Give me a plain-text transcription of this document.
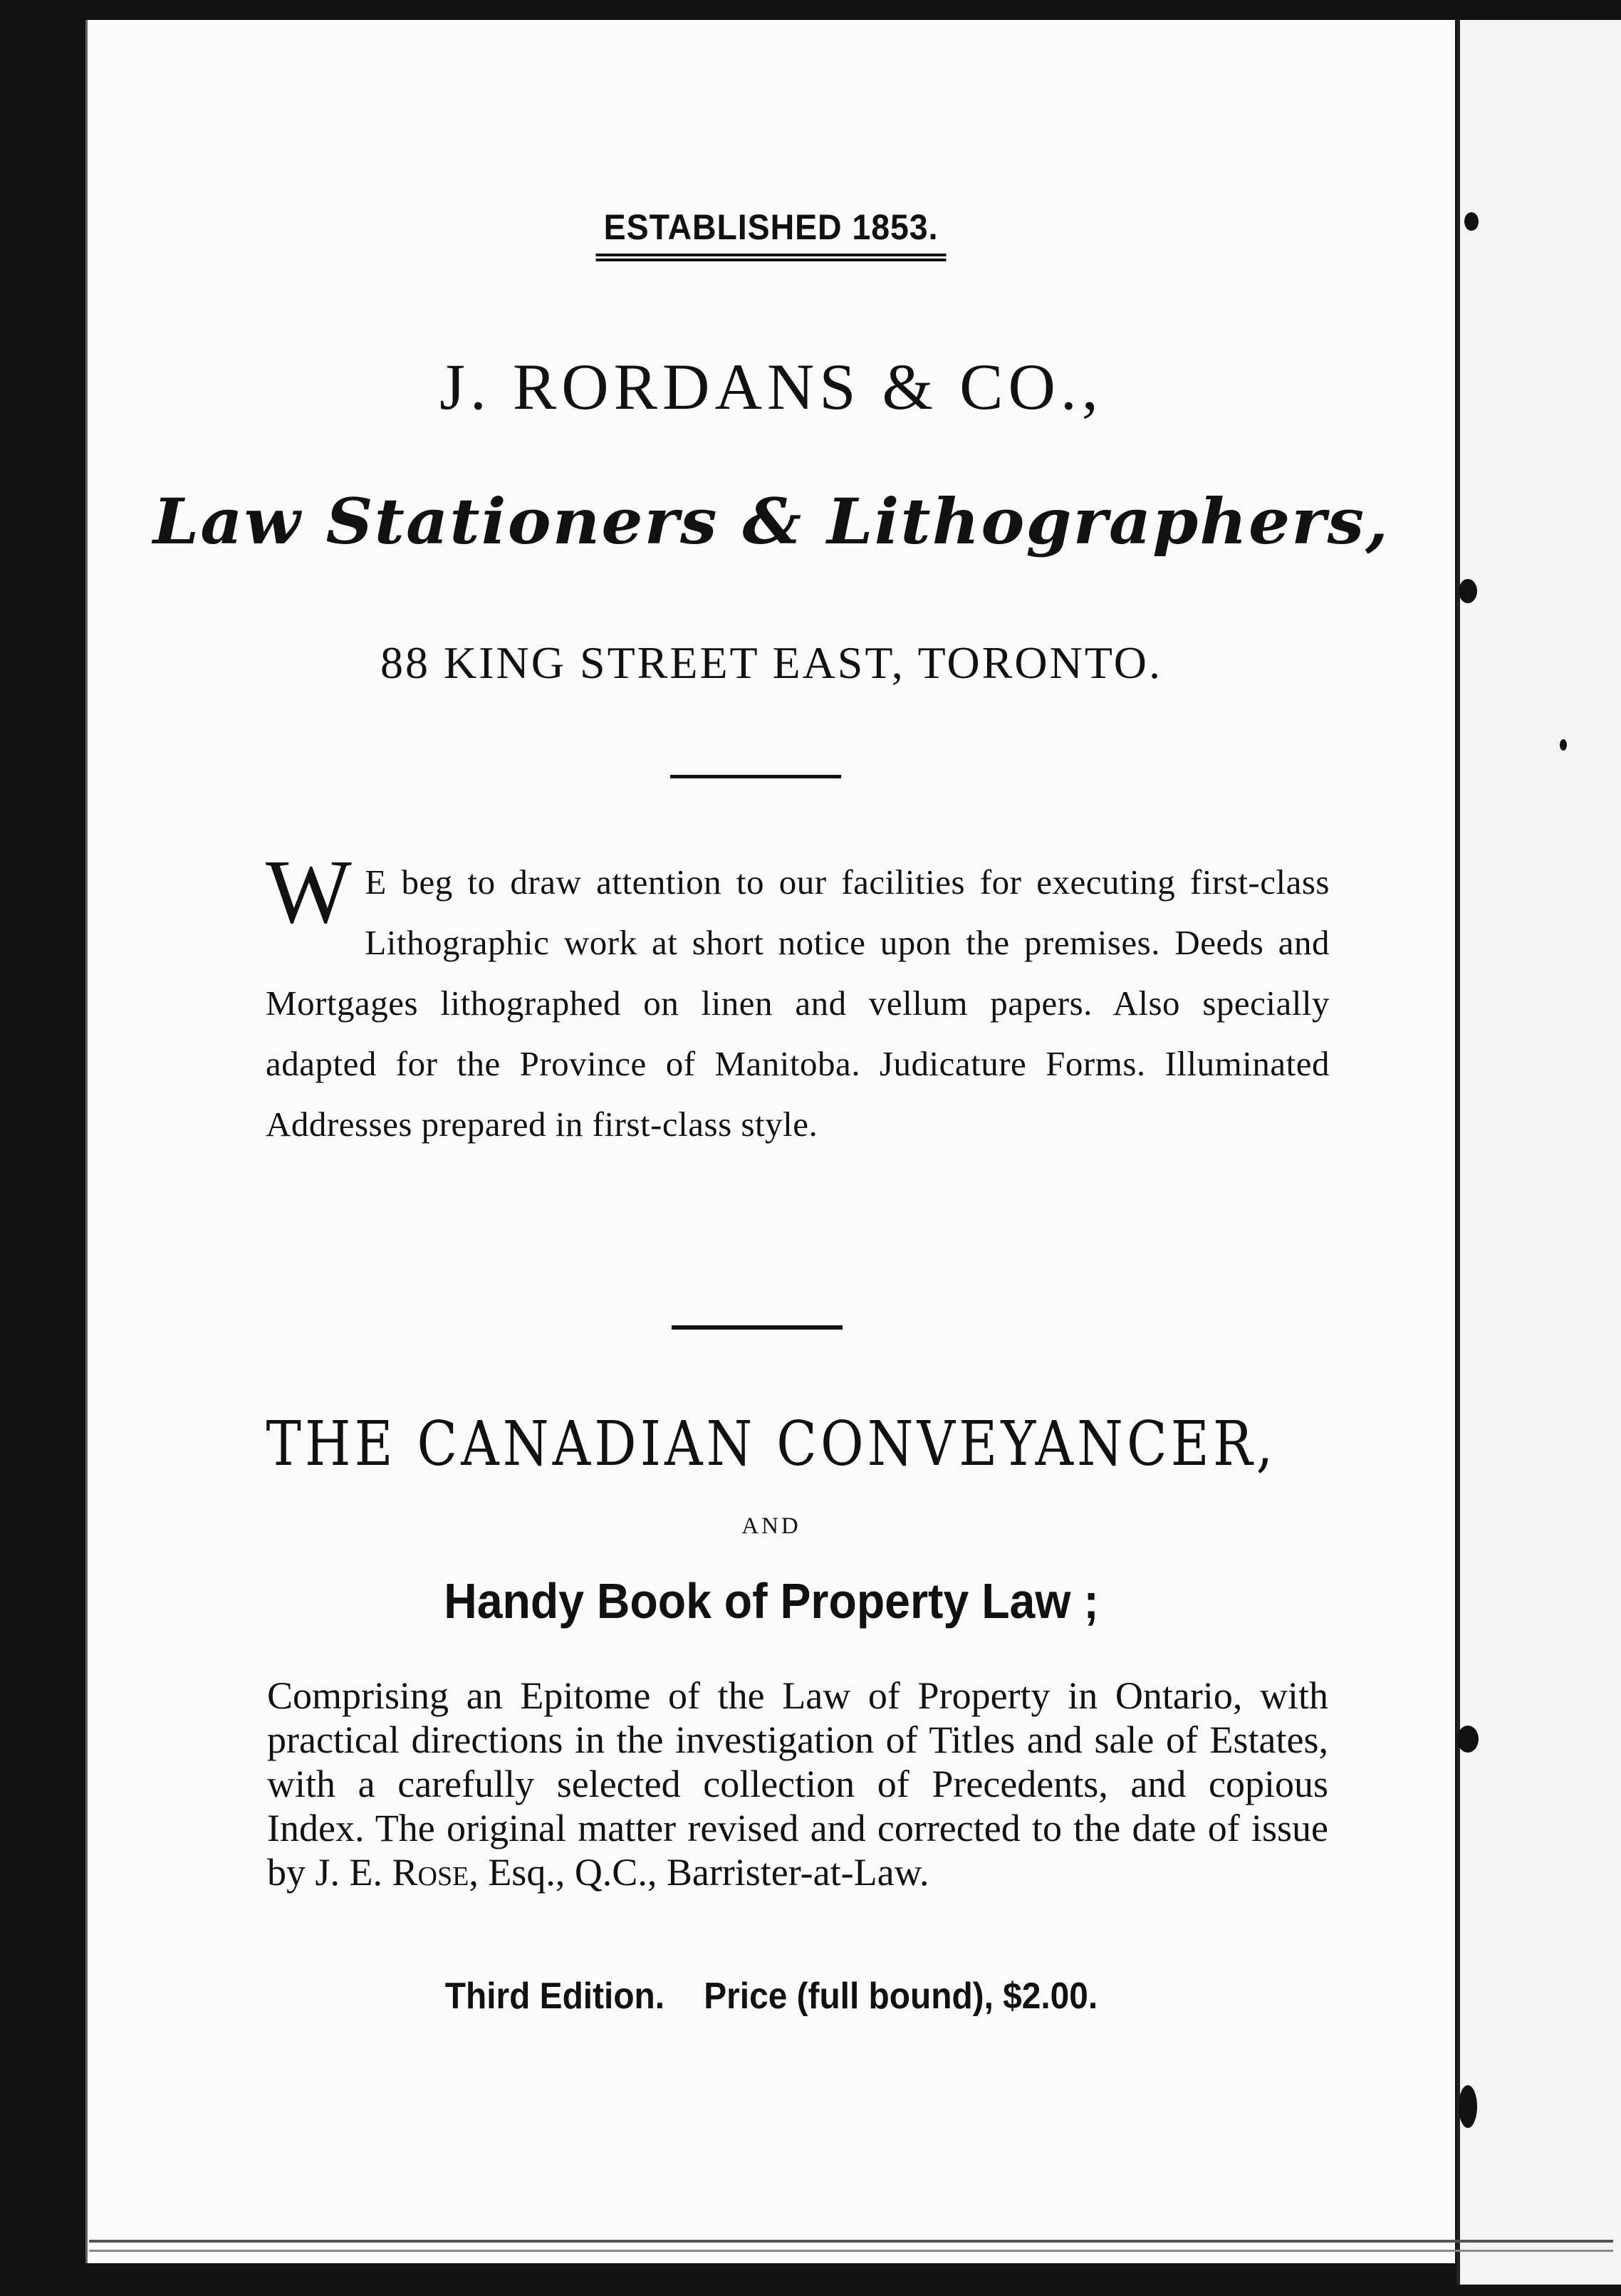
ESTABLISHED 1853.
J. RORDANS & CO.,
Law Stationers & Lithographers,
88 KING STREET EAST, TORONTO.
W E beg to draw attention to our facilities for executing first-class Lithographic work at short notice upon the premises. Deeds and Mortgages lithographed on linen and vellum papers. Also specially adapted for the Province of Manitoba. Judicature Forms. Illuminated Addresses prepared in first-class style.
THE CANADIAN CONVEYANCER,
AND
Handy Book of Property Law ;
Comprising an Epitome of the Law of Property in Ontario, with practical directions in the investigation of Titles and sale of Estates, with a carefully selected collection of Precedents, and copious Index. The original matter revised and corrected to the date of issue by J. E. Rose, Esq., Q.C., Barrister-at-Law.
Third Edition. Price (full bound), $2.00.
